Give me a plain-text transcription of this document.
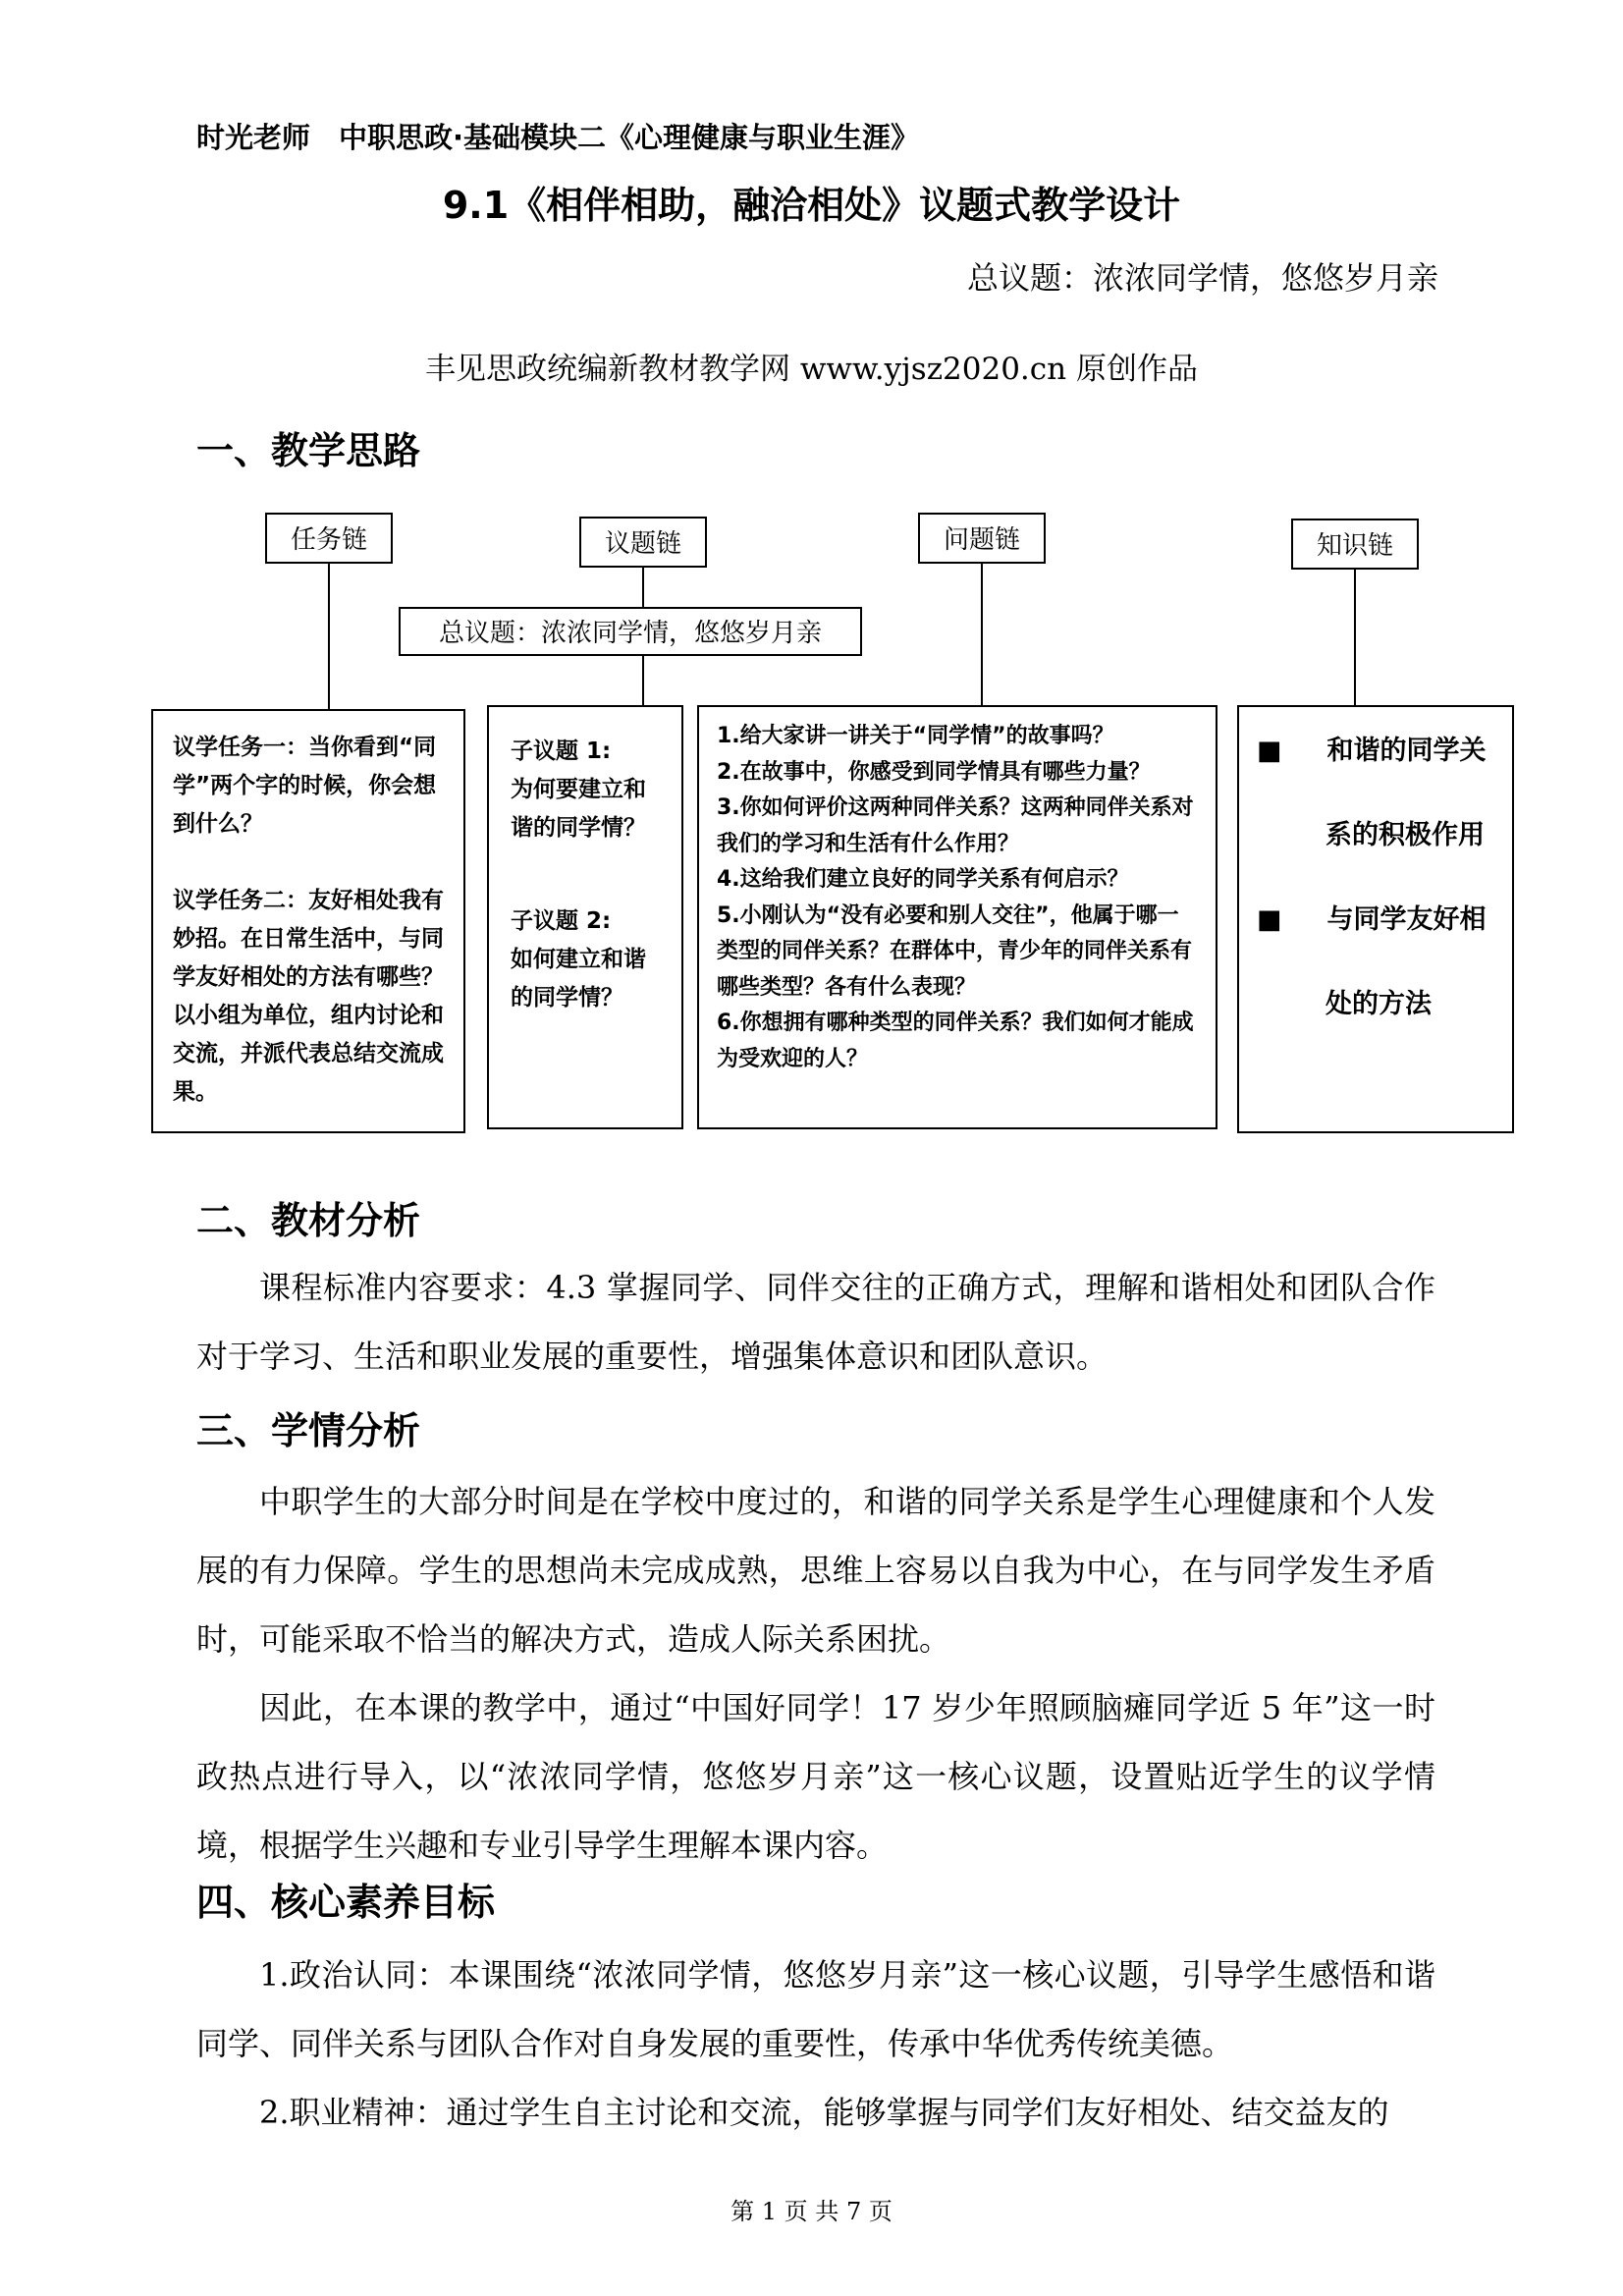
时光老师　中职思政·基础模块二《心理健康与职业生涯》
9.1《相伴相助，融洽相处》议题式教学设计
总议题：浓浓同学情，悠悠岁月亲
丰见思政统编新教材教学网 www.yjsz2020.cn 原创作品
一、教学思路
任务链	议题链	问题链	知识链
总议题：浓浓同学情，悠悠岁月亲
议学任务一：当你看到“同学”两个字的时候，你会想到什么？
议学任务二：友好相处我有妙招。在日常生活中，与同学友好相处的方法有哪些？以小组为单位，组内讨论和交流，并派代表总结交流成果。
子议题 1:
为何要建立和谐的同学情？
子议题 2:
如何建立和谐的同学情？
1.给大家讲一讲关于“同学情”的故事吗？
2.在故事中，你感受到同学情具有哪些力量？
3.你如何评价这两种同伴关系？这两种同伴关系对我们的学习和生活有什么作用？
4.这给我们建立良好的同学关系有何启示？
5.小刚认为“没有必要和别人交往”，他属于哪一类型的同伴关系？在群体中，青少年的同伴关系有哪些类型？各有什么表现？
6.你想拥有哪种类型的同伴关系？我们如何才能成为受欢迎的人？
■ 和谐的同学关
系的积极作用
■ 与同学友好相
处的方法
二、教材分析

课程标准内容要求：4.3 掌握同学、同伴交往的正确方式，理解和谐相处和团队合作对于学习、生活和职业发展的重要性，增强集体意识和团队意识。

三、学情分析

中职学生的大部分时间是在学校中度过的，和谐的同学关系是学生心理健康和个人发展的有力保障。学生的思想尚未完成成熟，思维上容易以自我为中心，在与同学发生矛盾时，可能采取不恰当的解决方式，造成人际关系困扰。

因此，在本课的教学中，通过“中国好同学！17 岁少年照顾脑瘫同学近 5 年”这一时政热点进行导入，以“浓浓同学情，悠悠岁月亲”这一核心议题，设置贴近学生的议学情境，根据学生兴趣和专业引导学生理解本课内容。

四、核心素养目标

1.政治认同：本课围绕“浓浓同学情，悠悠岁月亲”这一核心议题，引导学生感悟和谐同学、同伴关系与团队合作对自身发展的重要性，传承中华优秀传统美德。

2.职业精神：通过学生自主讨论和交流，能够掌握与同学们友好相处、结交益友的

第 1 页 共 7 页
